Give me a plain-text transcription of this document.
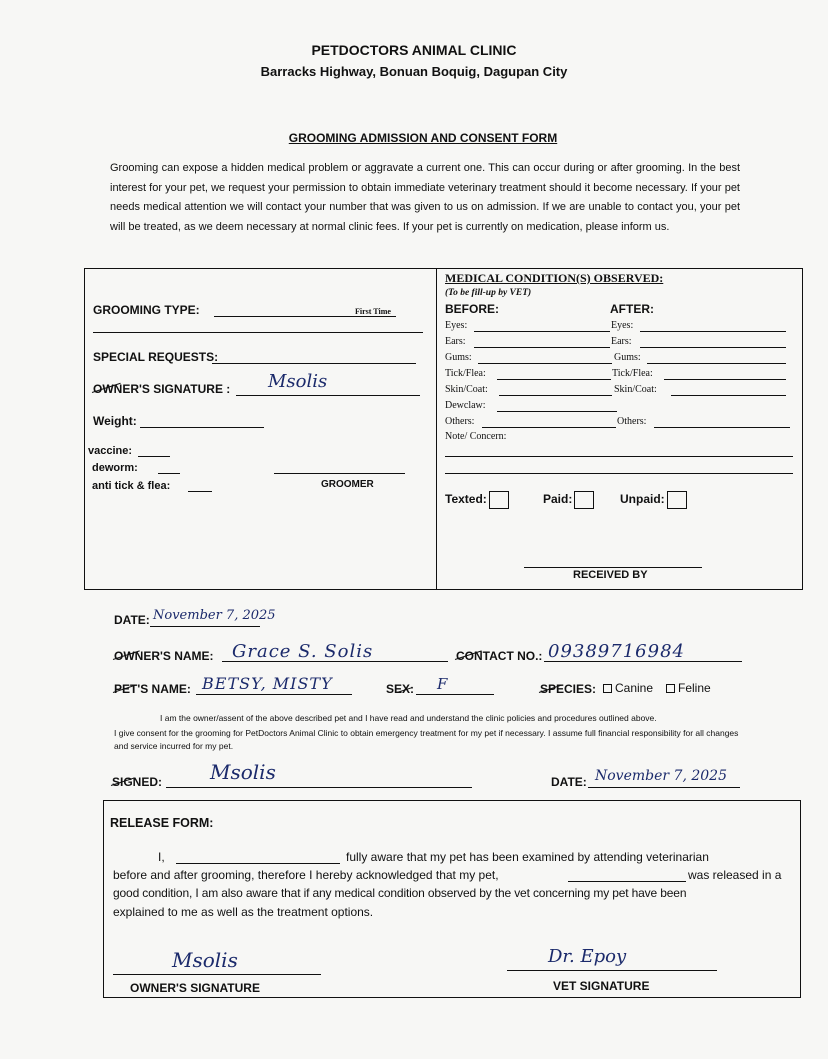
PETDOCTORS ANIMAL CLINIC
Barracks Highway, Bonuan Boquig, Dagupan City
GROOMING ADMISSION AND CONSENT FORM
Grooming can expose a hidden medical problem or aggravate a current one. This can occur during or after grooming. In the best interest for your pet, we request your permission to obtain immediate veterinary treatment should it become necessary. If your pet needs medical attention we will contact your number that was given to us on admission. If we are unable to contact you, your pet will be treated, as we deem necessary at normal clinic fees. If your pet is currently on medication, please inform us.
GROOMING TYPE:	First Time
SPECIAL REQUESTS:
OWNER'S SIGNATURE : Msolis
Weight:
vaccine:
deworm:
anti tick & flea:	GROOMER
MEDICAL CONDITION(S) OBSERVED:
(To be fill-up by VET)
BEFORE:	AFTER:
Eyes:	Eyes:
Ears:	Ears:
Gums:	Gums:
Tick/Flea:	Tick/Flea:
Skin/Coat:	Skin/Coat:
Dewclaw:
Others:	Others:
Note/ Concern:
Texted:	Paid:	Unpaid:
RECEIVED BY
DATE: November 7, 2025
OWNER'S NAME: Grace S. Solis	CONTACT NO.: 09389716984
PET'S NAME: BETSY, MISTY	SEX: F	SPECIES:	Canine	Feline
I am the owner/assent of the above described pet and I have read and understand the clinic policies and procedures outlined above.
I give consent for the grooming for PetDoctors Animal Clinic to obtain emergency treatment for my pet if necessary. I assume full financial responsibility for all changes and service incurred for my pet.
SIGNED: Msolis	DATE: November 7, 2025
RELEASE FORM:
I,	fully aware that my pet has been examined by attending veterinarian
before and after grooming, therefore I hereby acknowledged that my pet,	was released in a
good condition, I am also aware that if any medical condition observed by the vet concerning my pet have been
explained to me as well as the treatment options.
Msolis
OWNER'S SIGNATURE
Dr. Epoy
VET SIGNATURE
